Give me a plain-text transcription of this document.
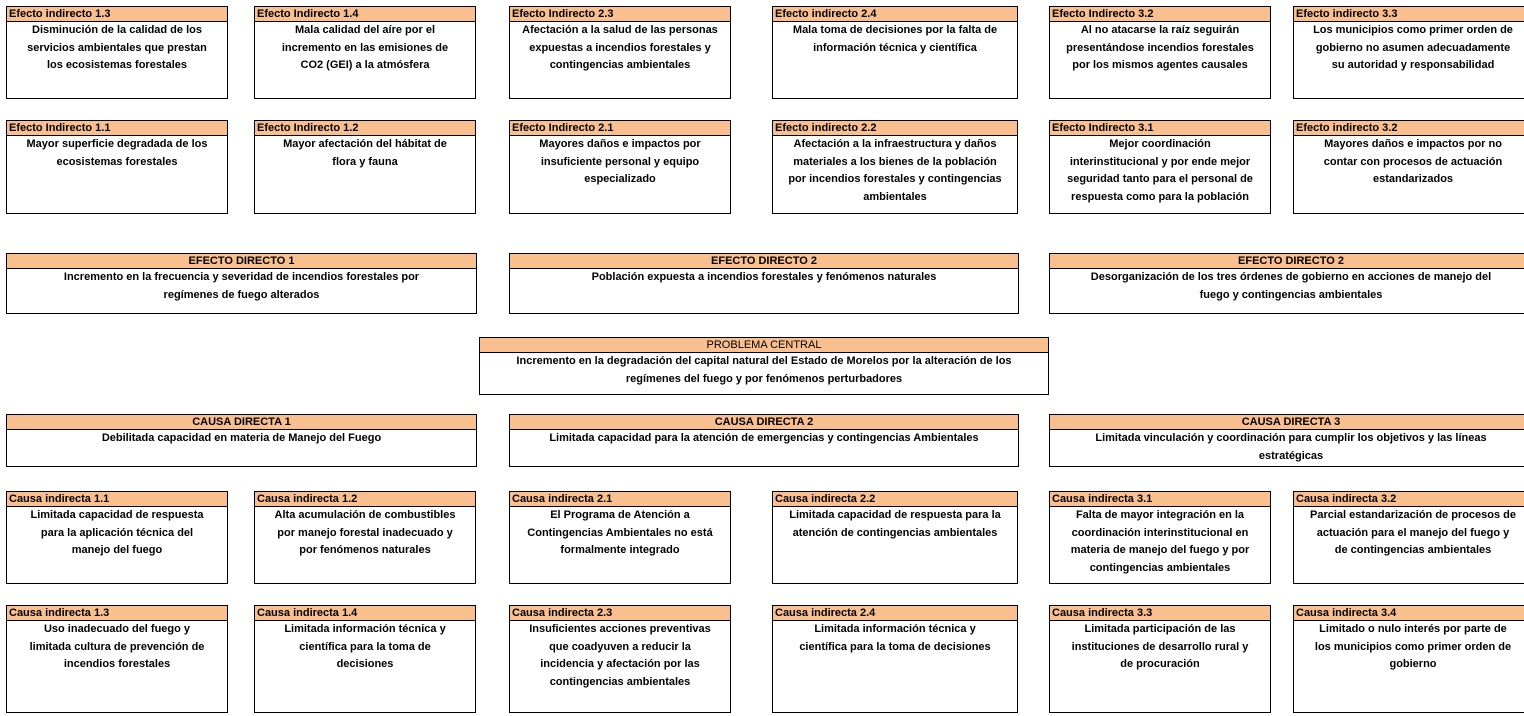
Efecto indirecto 1.3
Disminución de la calidad de los
servicios ambientales que prestan
los ecosistemas forestales
Efecto Indirecto 1.4
Mala calidad del aíre por el
incremento en las emisiones de
CO2 (GEI) a la atmósfera
Efecto Indirecto 2.3
Afectación a la salud de las personas
expuestas a incendios forestales y
contingencias ambientales
Efecto indirecto 2.4
Mala toma de decisiones por la falta de
información técnica y científica
Efecto Indirecto 3.2
Al no atacarse la raíz seguirán
presentándose incendios forestales
por los mismos agentes causales
Efecto indirecto 3.3
Los municipios como primer orden de
gobierno no asumen adecuadamente
su autoridad y responsabilidad
Efecto Indirecto 1.1
Mayor superficie degradada de los
ecosistemas forestales
Efecto Indirecto 1.2
Mayor afectación del hábitat de
flora y fauna
Efecto Indirecto 2.1
Mayores daños e impactos por
insuficiente personal y equipo
especializado
Efecto indirecto 2.2
Afectación a la infraestructura y daños
materiales a los bienes de la población
por incendios forestales y contingencias
ambientales
Efecto Indirecto 3.1
Mejor coordinación
interinstitucional y por ende mejor
seguridad tanto para el personal de
respuesta como para la población
Efecto indirecto 3.2
Mayores daños e impactos por no
contar con procesos de actuación
estandarizados
EFECTO DIRECTO 1
Incremento en la frecuencia y severidad de incendios forestales por
regímenes de fuego alterados
EFECTO DIRECTO 2
Población expuesta a incendios forestales y fenómenos naturales
EFECTO DIRECTO 2
Desorganización de los tres órdenes de gobierno en acciones de manejo del
fuego y contingencias ambientales
PROBLEMA CENTRAL
Incremento en la degradación del capital natural del Estado de Morelos por la alteración de los
regímenes del fuego y por fenómenos perturbadores
CAUSA DIRECTA 1
Debilitada capacidad en materia de Manejo del Fuego
CAUSA DIRECTA 2
Limitada capacidad para la atención de emergencias y contingencias Ambientales
CAUSA DIRECTA 3
Limitada vinculación y coordinación para cumplir los objetivos y las líneas
estratégicas
Causa indirecta 1.1
Limitada capacidad de respuesta
para la aplicación técnica del
manejo del fuego
Causa indirecta 1.2
Alta acumulación de combustibles
por manejo forestal inadecuado y
por fenómenos naturales
Causa indirecta 2.1
El Programa de Atención a
Contingencias Ambientales no está
formalmente integrado
Causa indirecta 2.2
Limitada capacidad de respuesta para la
atención de contingencias ambientales
Causa indirecta 3.1
Falta de mayor integración en la
coordinación interinstitucional en
materia de manejo del fuego y por
contingencias ambientales
Causa indirecta 3.2
Parcial estandarización de procesos de
actuación para el manejo del fuego y
de contingencias ambientales
Causa indirecta 1.3
Uso inadecuado del fuego y
limitada cultura de prevención de
incendios forestales
Causa indirecta 1.4
Limitada información técnica y
científica para la toma de
decisiones
Causa indirecta 2.3
Insuficientes acciones preventivas
que coadyuven a reducir la
incidencia y afectación por las
contingencias ambientales
Causa indirecta 2.4
Limitada información técnica y
científica para la toma de decisiones
Causa indirecta 3.3
Limitada participación de las
instituciones de desarrollo rural y
de procuración
Causa indirecta 3.4
Limitado o nulo interés por parte de
los municipios como primer orden de
gobierno
